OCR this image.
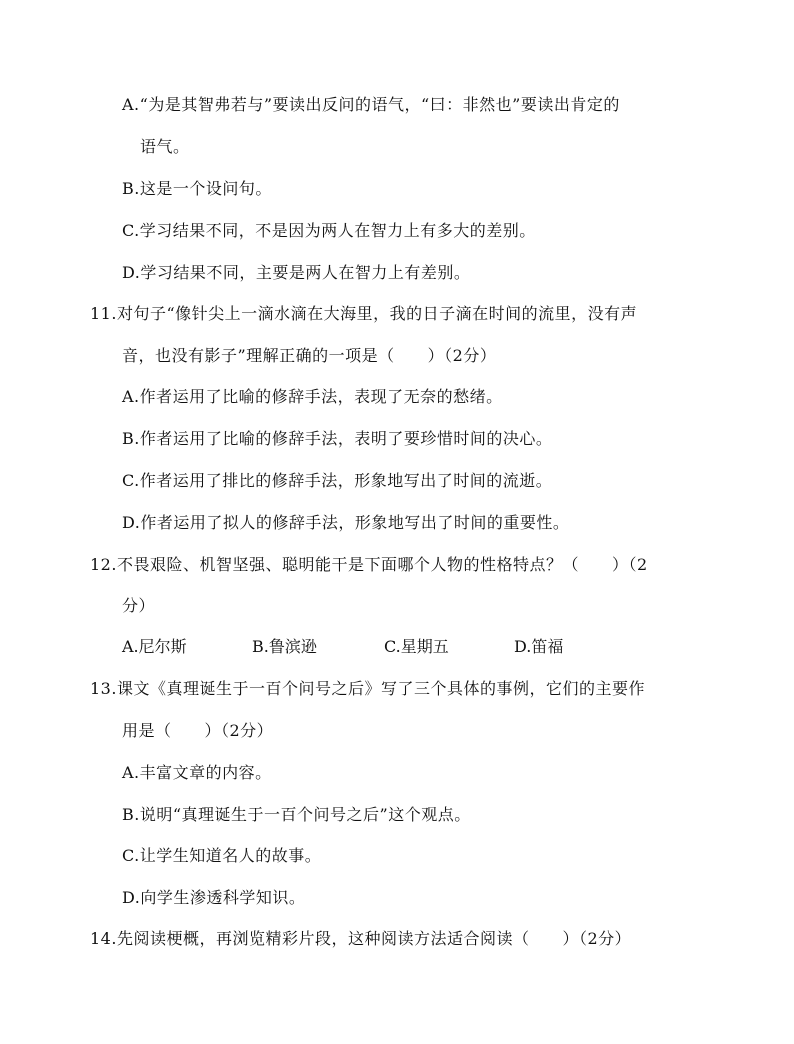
A.“为是其智弗若与”要读出反问的语气，“曰：非然也”要读出肯定的
语气。
B.这是一个设问句。
C.学习结果不同，不是因为两人在智力上有多大的差别。
D.学习结果不同，主要是两人在智力上有差别。
11.对句子“像针尖上一滴水滴在大海里，我的日子滴在时间的流里，没有声
音，也没有影子”理解正确的一项是（　　）（2分）
A.作者运用了比喻的修辞手法，表现了无奈的愁绪。
B.作者运用了比喻的修辞手法，表明了要珍惜时间的决心。
C.作者运用了排比的修辞手法，形象地写出了时间的流逝。
D.作者运用了拟人的修辞手法，形象地写出了时间的重要性。
12.不畏艰险、机智坚强、聪明能干是下面哪个人物的性格特点？（　　）（2
分）
A.尼尔斯	B.鲁滨逊	C.星期五	D.笛福
13.课文《真理诞生于一百个问号之后》写了三个具体的事例，它们的主要作
用是（　　）（2分）
A.丰富文章的内容。
B.说明“真理诞生于一百个问号之后”这个观点。
C.让学生知道名人的故事。
D.向学生渗透科学知识。
14.先阅读梗概，再浏览精彩片段，这种阅读方法适合阅读（　　）（2分）
